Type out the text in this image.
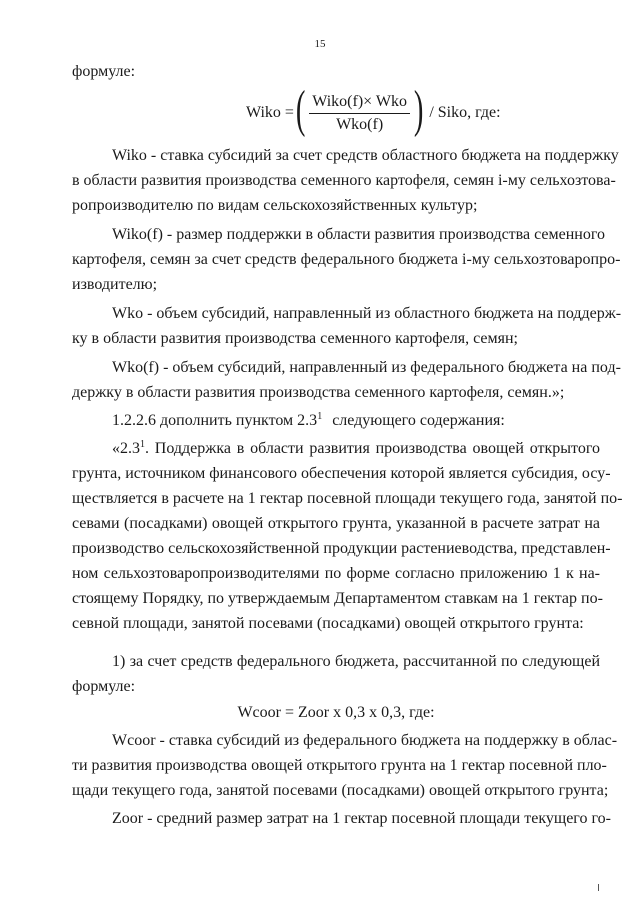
15
формуле:
Wiko = ( $\frac{\text{Wiko(f)× Wko}}{\text{Wko(f)}}$ ) / Siko, где:
Wiko - ставка субсидий за счет средств областного бюджета на поддержку
в области развития производства семенного картофеля, семян i-му сельхозтова-
ропроизводителю по видам сельскохозяйственных культур;
Wiko(f) - размер поддержки в области развития производства семенного
картофеля, семян за счет средств федерального бюджета i-му сельхозтоваропро-
изводителю;
Wko - объем субсидий, направленный из областного бюджета на поддерж-
ку в области развития производства семенного картофеля, семян;
Wko(f) - объем субсидий, направленный из федерального бюджета на под-
держку в области развития производства семенного картофеля, семян.»;
1.2.2.6 дополнить пунктом $2.3^1$ следующего содержания:
«$2.3^1$. Поддержка в области развития производства овощей открытого
грунта, источником финансового обеспечения которой является субсидия, осу-
ществляется в расчете на 1 гектар посевной площади текущего года, занятой по-
севами (посадками) овощей открытого грунта, указанной в расчете затрат на
производство сельскохозяйственной продукции растениеводства, представлен-
ном сельхозтоваропроизводителями по форме согласно приложению 1 к на-
стоящему Порядку, по утверждаемым Департаментом ставкам на 1 гектар по-
севной площади, занятой посевами (посадками) овощей открытого грунта:
1) за счет средств федерального бюджета, рассчитанной по следующей
формуле:
Wcoor = Zoor x 0,3 x 0,3, где:
Wcoor - ставка субсидий из федерального бюджета на поддержку в облас-
ти развития производства овощей открытого грунта на 1 гектар посевной пло-
щади текущего года, занятой посевами (посадками) овощей открытого грунта;
Zoor - средний размер затрат на 1 гектар посевной площади текущего го-
